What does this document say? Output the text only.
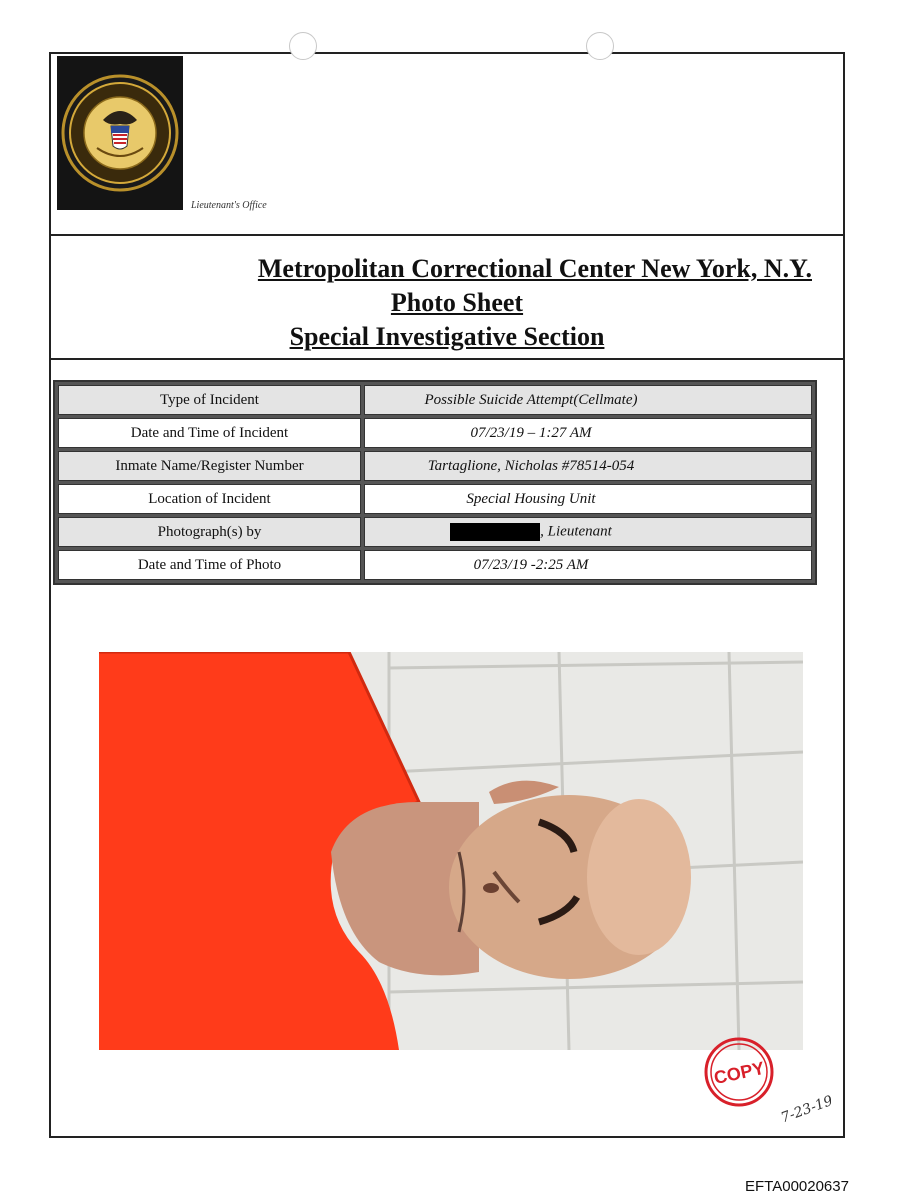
Lieutenant's Office
Metropolitan Correctional Center New York, N.Y.
Photo Sheet
Special Investigative Section
Type of Incident	Possible Suicide Attempt(Cellmate)
Date and Time of Incident	07/23/19 – 1:27 AM
Inmate Name/Register Number	Tartaglione, Nicholas #78514-054
Location of Incident	Special Housing Unit
Photograph(s) by	, Lieutenant
Date and Time of Photo	07/23/19 -2:25 AM
COPY
7-23-19
EFTA00020637
